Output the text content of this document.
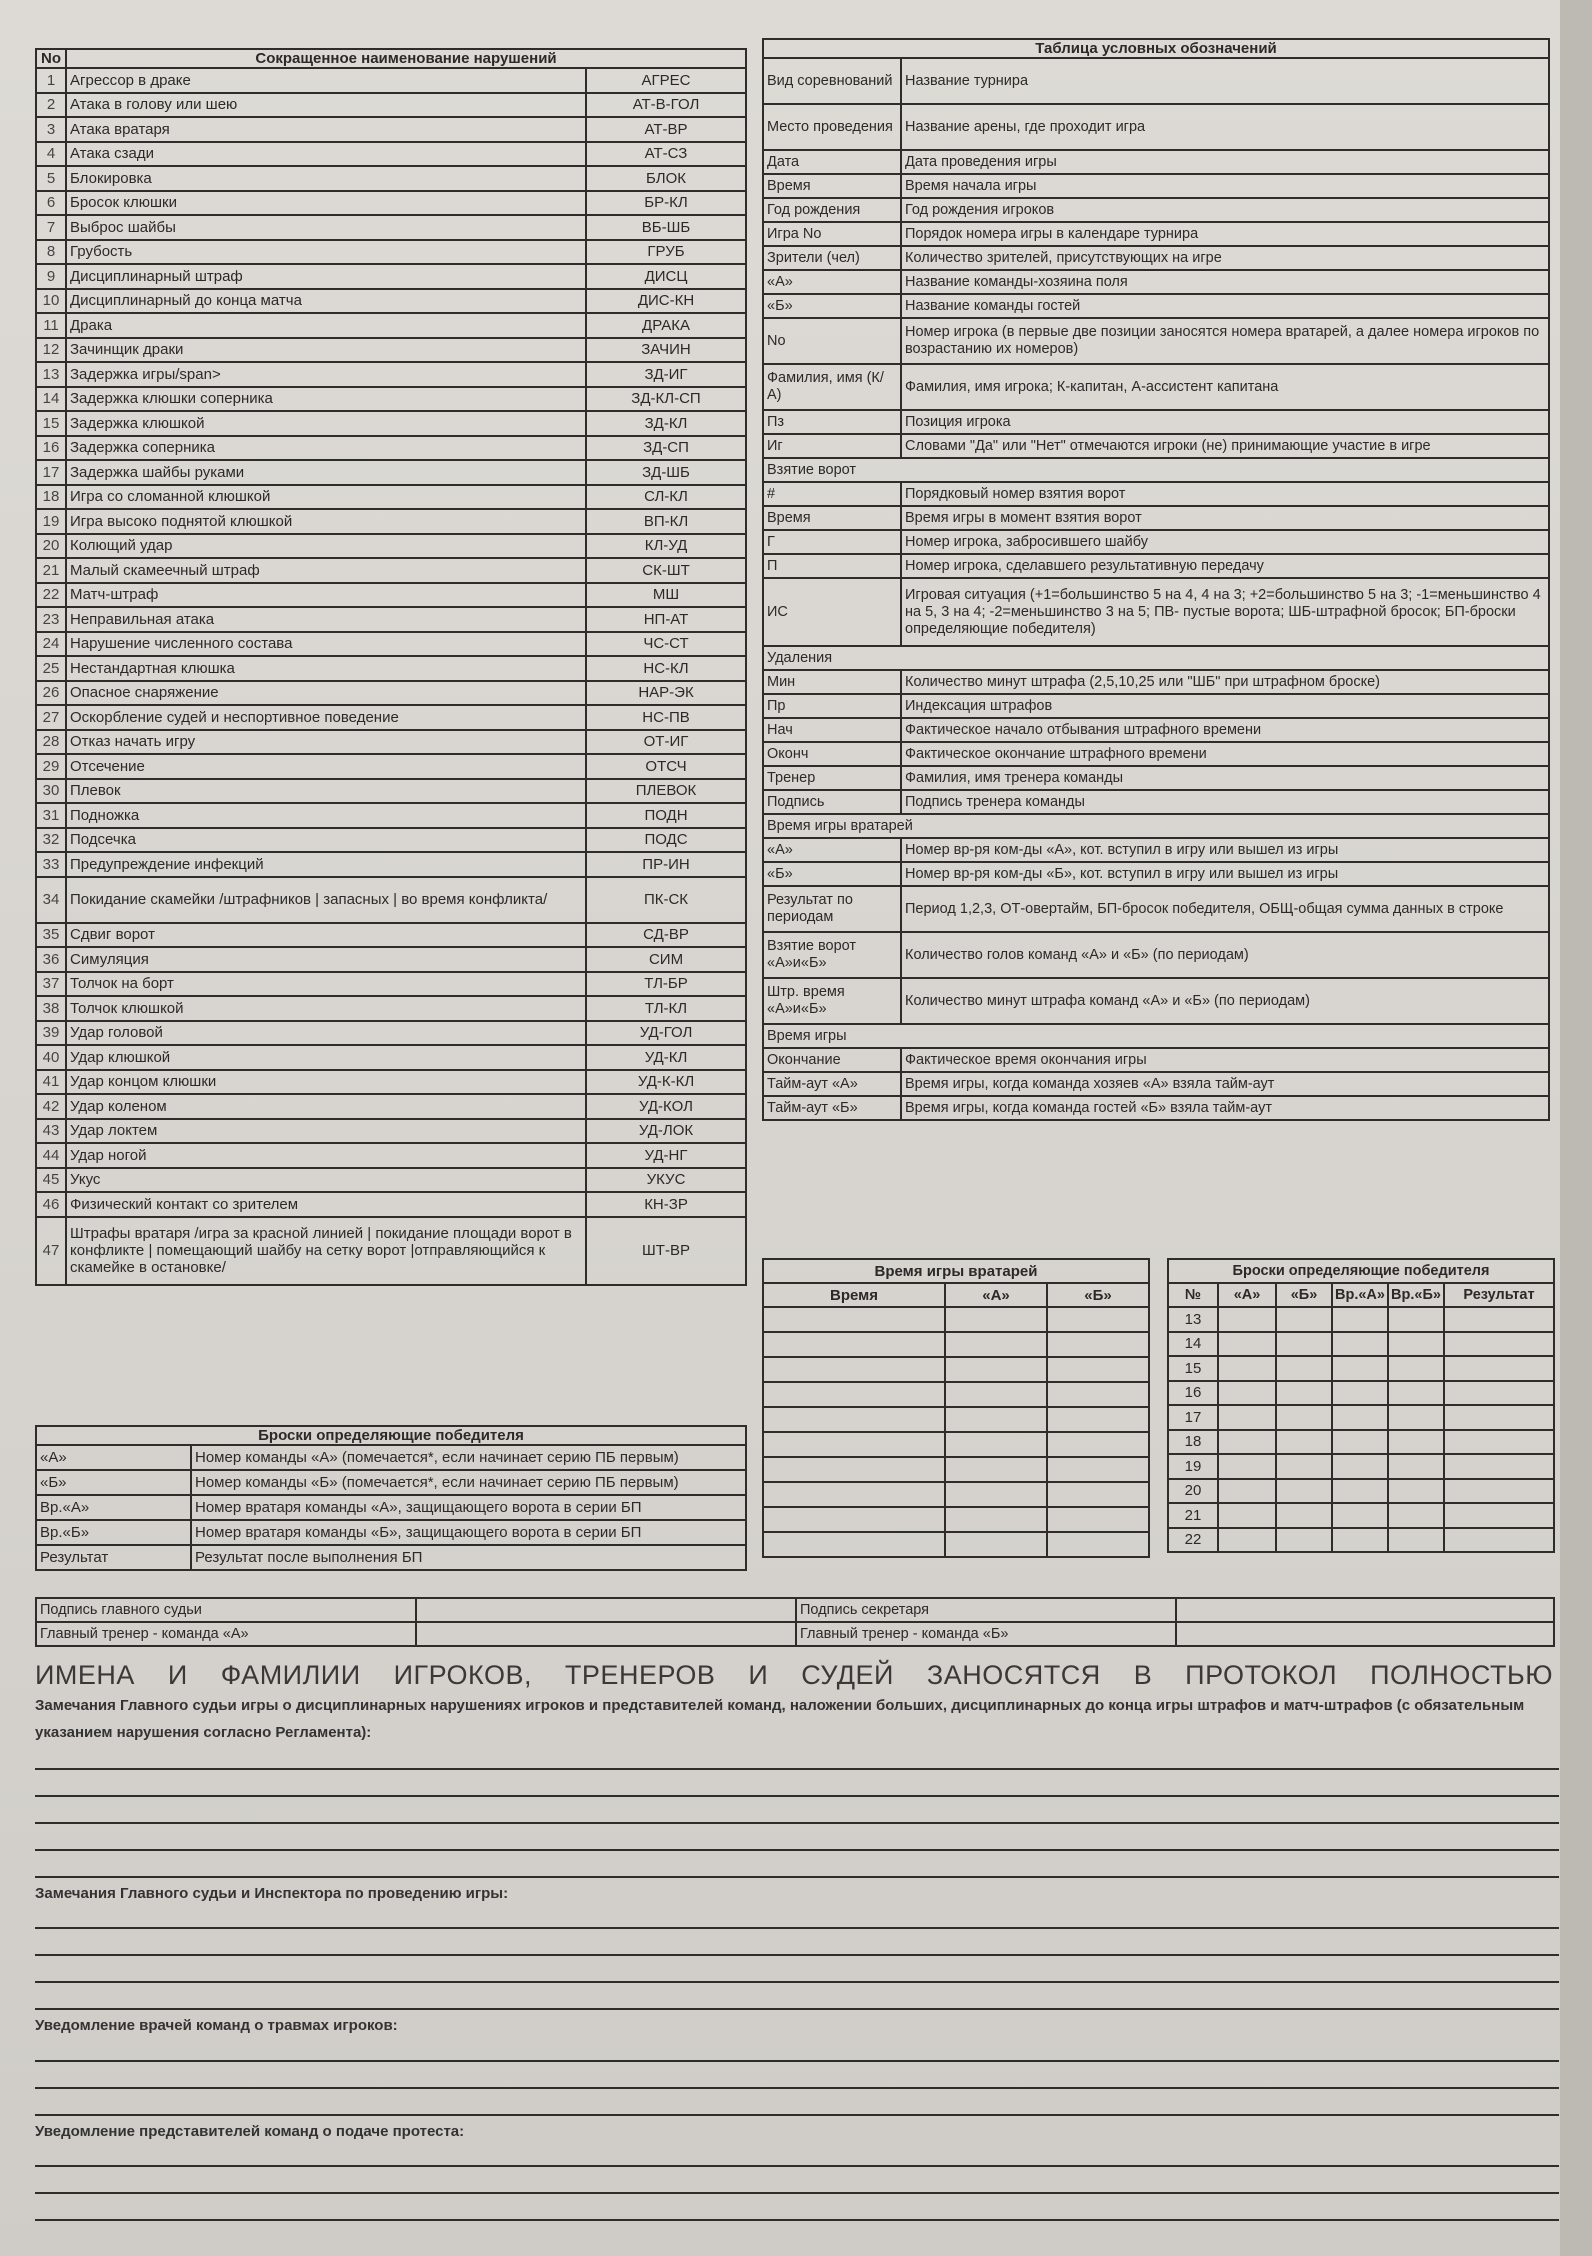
No	Сокращенное наименование нарушений	
1	Агрессор в драке	АГРЕС
2	Атака в голову или шею	АТ-В-ГОЛ
3	Атака вратаря	АТ-ВР
4	Атака сзади	АТ-СЗ
5	Блокировка	БЛОК
6	Бросок клюшки	БР-КЛ
7	Выброс шайбы	ВБ-ШБ
8	Грубость	ГРУБ
9	Дисциплинарный штраф	ДИСЦ
10	Дисциплинарный до конца матча	ДИС-КН
11	Драка	ДРАКА
12	Зачинщик драки	ЗАЧИН
13	Задержка игры/span>	ЗД-ИГ
14	Задержка клюшки соперника	ЗД-КЛ-СП
15	Задержка клюшкой	ЗД-КЛ
16	Задержка соперника	ЗД-СП
17	Задержка шайбы руками	ЗД-ШБ
18	Игра со сломанной клюшкой	СЛ-КЛ
19	Игра высоко поднятой клюшкой	ВП-КЛ
20	Колющий удар	КЛ-УД
21	Малый скамеечный штраф	СК-ШТ
22	Матч-штраф	МШ
23	Неправильная атака	НП-АТ
24	Нарушение численного состава	ЧС-СТ
25	Нестандартная клюшка	НС-КЛ
26	Опасное снаряжение	НАР-ЭК
27	Оскорбление судей и неспортивное поведение	НС-ПВ
28	Отказ начать игру	ОТ-ИГ
29	Отсечение	ОТСЧ
30	Плевок	ПЛЕВОК
31	Подножка	ПОДН
32	Подсечка	ПОДС
33	Предупреждение инфекций	ПР-ИН
34	Покидание скамейки /штрафников | запасных | во время конфликта/	ПК-СК
35	Сдвиг ворот	СД-ВР
36	Симуляция	СИМ
37	Толчок на борт	ТЛ-БР
38	Толчок клюшкой	ТЛ-КЛ
39	Удар головой	УД-ГОЛ
40	Удар клюшкой	УД-КЛ
41	Удар концом клюшки	УД-К-КЛ
42	Удар коленом	УД-КОЛ
43	Удар локтем	УД-ЛОК
44	Удар ногой	УД-НГ
45	Укус	УКУС
46	Физический контакт со зрителем	КН-ЗР
47	Штрафы вратаря /игра за красной линией | покидание площади ворот в конфликте | помещающий шайбу на сетку ворот |отправляющийся к скамейке в остановке/	ШТ-ВР
Таблица условных обозначений	
Вид соревнований	Название турнира
Место проведения	Название арены, где проходит игра
Дата	Дата проведения игры
Время	Время начала игры
Год рождения	Год рождения игроков
Игра No	Порядок номера игры в календаре турнира
Зрители (чел)	Количество зрителей, присутствующих на игре
«А»	Название команды-хозяина поля
«Б»	Название команды гостей
No	Номер игрока (в первые две позиции заносятся номера вратарей, а далее номера игроков по возрастанию их номеров)
Фамилия, имя (К/А)	Фамилия, имя игрока; К-капитан, А-ассистент капитана
Пз	Позиция игрока
Иг	Словами "Да" или "Нет" отмечаются игроки (не) принимающие участие в игре
Взятие ворот	
#	Порядковый номер взятия ворот
Время	Время игры в момент взятия ворот
Г	Номер игрока, забросившего шайбу
П	Номер игрока, сделавшего результативную передачу
ИС	Игровая ситуация (+1=большинство 5 на 4, 4 на 3; +2=большинство 5 на 3; -1=меньшинство 4 на 5, 3 на 4; -2=меньшинство 3 на 5; ПВ- пустые ворота; ШБ-штрафной бросок; БП-броски определяющие победителя)
Удаления	
Мин	Количество минут штрафа (2,5,10,25 или "ШБ" при штрафном броске)
Пр	Индексация штрафов
Нач	Фактическое начало отбывания штрафного времени
Оконч	Фактическое окончание штрафного времени
Тренер	Фамилия, имя тренера команды
Подпись	Подпись тренера команды
Время игры вратарей	
«А»	Номер вр-ря ком-ды «А», кот. вступил в игру или вышел из игры
«Б»	Номер вр-ря ком-ды «Б», кот. вступил в игру или вышел из игры
Результат по периодам	Период 1,2,3, ОТ-овертайм, БП-бросок победителя, ОБЩ-общая сумма данных в строке
Взятие ворот «А»и«Б»	Количество голов команд «А» и «Б» (по периодам)
Штр. время «А»и«Б»	Количество минут штрафа команд «А» и «Б» (по периодам)
Время игры	
Окончание	Фактическое время окончания игры
Тайм-аут «А»	Время игры, когда команда хозяев «А» взяла тайм-аут
Тайм-аут «Б»	Время игры, когда команда гостей «Б» взяла тайм-аут
Броски определяющие победителя	
«А»	Номер команды «А» (помечается*, если начинает серию ПБ первым)
«Б»	Номер команды «Б» (помечается*, если начинает серию ПБ первым)
Вр.«А»	Номер вратаря команды «А», защищающего ворота в серии БП
Вр.«Б»	Номер вратаря команды «Б», защищающего ворота в серии БП
Результат	Результат после выполнения БП
Время игры вратарей		
Время	«А»	«Б»

Броски определяющие победителя					
№	«А»	«Б»	Вр.«А»	Вр.«Б»	Результат
13					
14					
15					
16					
17					
18					
19					
20					
21					
22					
Подпись главного судьи		Подпись секретаря	
Главный тренер - команда «А»		Главный тренер - команда «Б»	
ИМЕНА И ФАМИЛИИ ИГРОКОВ, ТРЕНЕРОВ И СУДЕЙ ЗАНОСЯТСЯ В ПРОТОКОЛ ПОЛНОСТЬЮ
Замечания Главного судьи игры о дисциплинарных нарушениях игроков и представителей команд, наложении больших, дисциплинарных до конца игры штрафов и матч-штрафов (с обязательным указанием нарушения согласно Регламента):
Замечания Главного судьи и Инспектора по проведению игры:
Уведомление врачей команд о травмах игроков:
Уведомление представителей команд о подаче протеста:
